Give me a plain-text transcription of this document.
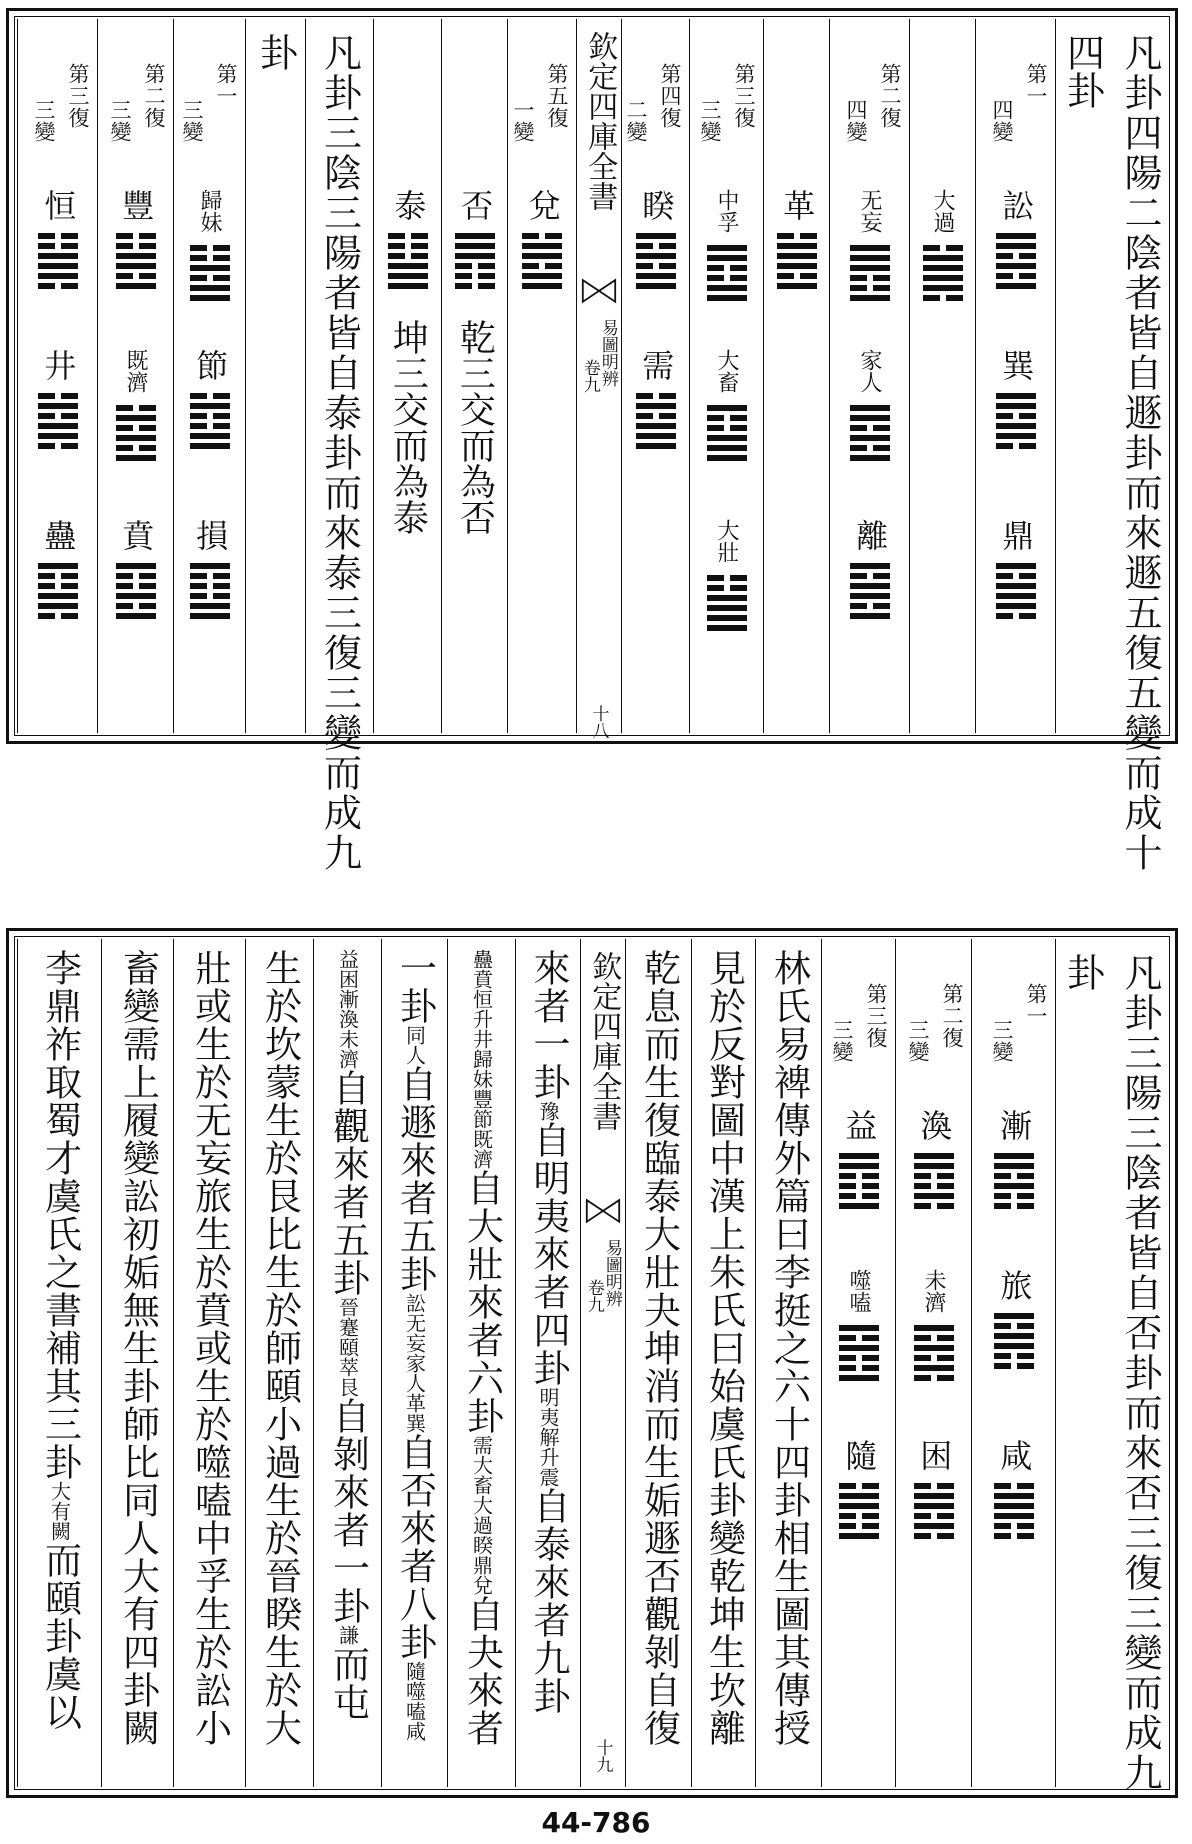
凡卦四陽二陰者皆自遯卦而來遯五復五變而成十
四卦
第一
四變
訟
巽
鼎
大過
第二復
四變
无妄
家人
離
革
第三復
三變
中孚
大畜
大壯
第四復
二變
睽
需
欽定四庫全書
易圖明辨
卷九
十八
第五復
一變
兌
否
乾三交而為否
泰
坤三交而為泰
凡卦三陰三陽者皆自泰卦而來泰三復三變而成九
卦
第一
三變
歸妹
節
損
第二復
三變
豐
既濟
賁
第三復
三變
恒
井
蠱
凡卦三陽三陰者皆自否卦而來否三復三變而成九
卦
第一
三變
漸
旅
咸
第二復
三變
渙
未濟
困
第三復
三變
益
噬嗑
隨
林氏易裨傳外篇曰李挺之六十四卦相生圖其傳授
見於反對圖中漢上朱氏曰始虞氏卦變乾坤生坎離
乾息而生復臨泰大壯夬坤消而生姤遯否觀剝自復
欽定四庫全書
易圖明辨
卷九
十九
來者一卦豫自明夷來者四卦明夷解升震自泰來者九卦
蠱賁恒升井歸妹豐節既濟自大壯來者六卦需大畜大過睽鼎兌自夬來者
一卦同人自遯來者五卦訟无妄家人革巽自否來者八卦隨噬嗑咸
益困漸渙未濟自觀來者五卦晉蹇頤萃艮自剝來者一卦謙而屯
生於坎蒙生於艮比生於師頤小過生於晉睽生於大
壯或生於无妄旅生於賁或生於噬嗑中孚生於訟小
畜變需上履變訟初姤無生卦師比同人大有四卦闕
李鼎祚取蜀才虞氏之書補其三卦大有闕而頤卦虞以
44-786
